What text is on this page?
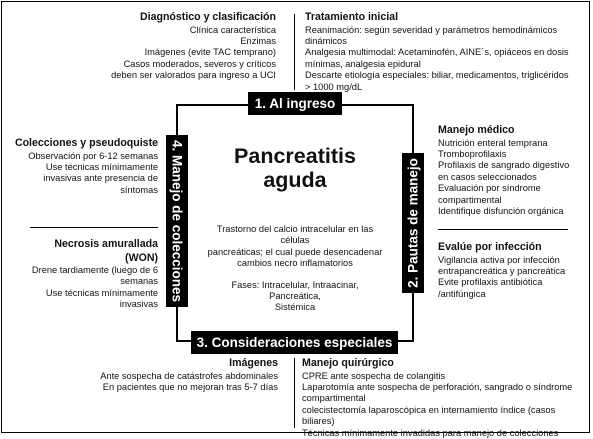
Diagnóstico y clasificación
Clínica característica
Enzimas
Imágenes (evite TAC temprano)
Casos moderados, severos y críticos
deben ser valorados para ingreso a UCI
Tratamiento inicial
Reanimación: según severidad y parámetros hemodinámicos
dinámicos
Analgesia multimodal: Acetaminofén, AINE´s, opiáceos en dosis
mínimas, analgesia epidural
Descarte etiología especiales: biliar, medicamentos, triglicéridos
> 1000 mg/dL
Colecciones y pseudoquiste
Observación por 6-12 semanas
Use técnicas mínimamente
invasivas ante presencia de
síntomas
Necrosis amurallada
(WON)
Drene tardiamente (luego de 6
semanas
Use técnicas mínimamente
invasivas
Manejo médico
Nutrición enteral temprana
Tromboprofilaxis
Profilaxis de sangrado digestivo
en casos seleccionados
Evaluación por síndrome
compartimental
Identifique disfunción orgánica
Evalúe por infección
Vigilancia activa por infección
entrapancreática y pancreática
Evite profilaxis antibiótica
/antifúngica
Imágenes
Ante sospecha de catástrofes abdominales
En pacientes que no mejoran tras 5-7 días
Manejo quirúrgico
CPRE ante sospecha de colangitis
Laparotomía ante sospecha de perforación, sangrado o síndrome
compartimental
colecistectomía laparoscópica en internamiento índice (casos biliares)
Técnicas mínimamente invadidas para manejo de colecciones
Pancreatitis
aguda
Trastorno del calcio intracelular en las células
pancreáticas; el cual puede desencadenar
cambios necro inflamatorios
Fases: Intracelular, Intraacinar, Pancreática,
Sistémica
1. Al ingreso
3. Consideraciones especiales
2. Pautas de manejo
4. Manejo de colecciones
